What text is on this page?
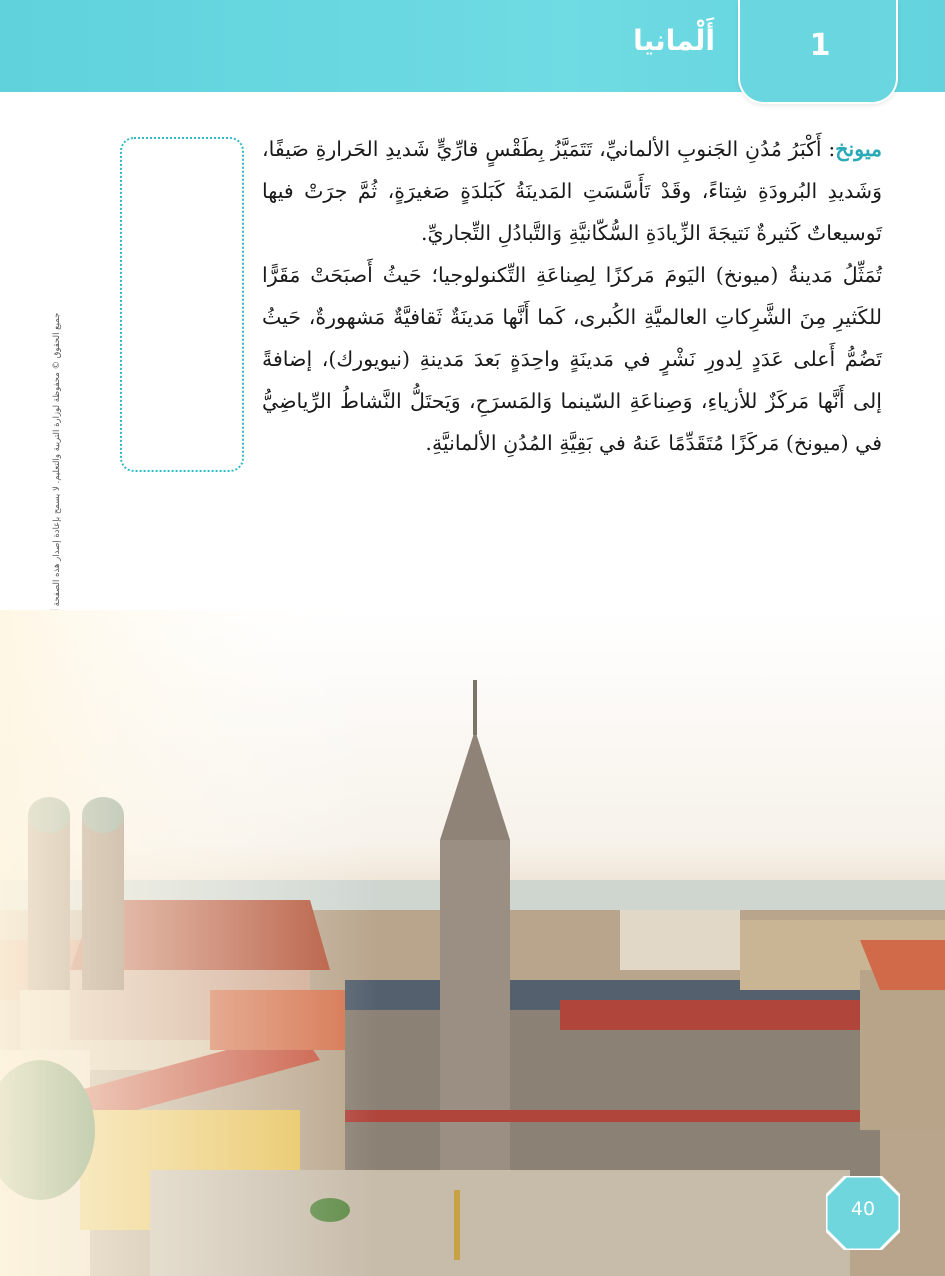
1
أَلْمانيا

ميونخ: أَكْبَرُ مُدُنِ الجَنوبِ الألمانيِّ، تَتَمَيَّزُ بِطَقْسٍ قارِّيٍّ شَديدِ الحَرارةِ صَيفًا، وَشَديدِ البُرودَةِ شِتاءً، وقَدْ تَأَسَّسَتِ المَدينَةُ كَبَلدَةٍ صَغيرَةٍ، ثُمَّ جرَتْ فيها تَوسيعاتٌ كَثيرةٌ نَتيجَةَ الزِّيادَةِ السُّكّانيَّةِ وَالتَّبادُلِ التِّجاريِّ.

تُمَثِّلُ مَدينةُ (ميونخ) اليَومَ مَركزًا لِصِناعَةِ التِّكنولوجيا؛ حَيثُ أَصبَحَتْ مَقَرًّا للكَثيرِ مِنَ الشَّرِكاتِ العالميَّةِ الكُبرى، كَما أَنَّها مَدينَةٌ ثَقافيَّةٌ مَشهورةٌ، حَيثُ تَضُمُّ أَعلى عَدَدٍ لِدورِ نَشْرٍ في مَدينَةٍ واحِدَةٍ بَعدَ مَدينةِ (نيويورك)، إضافةً إلى أَنَّها مَركَزٌ للأزياءِ، وَصِناعَةِ السّينما وَالمَسرَحِ، وَيَحتَلُّ النَّشاطُ الرِّياضِيُّ في (ميونخ) مَركَزًا مُتَقَدِّمًا عَنهُ في بَقِيَّةِ المُدُنِ الألمانيَّةِ.

40
